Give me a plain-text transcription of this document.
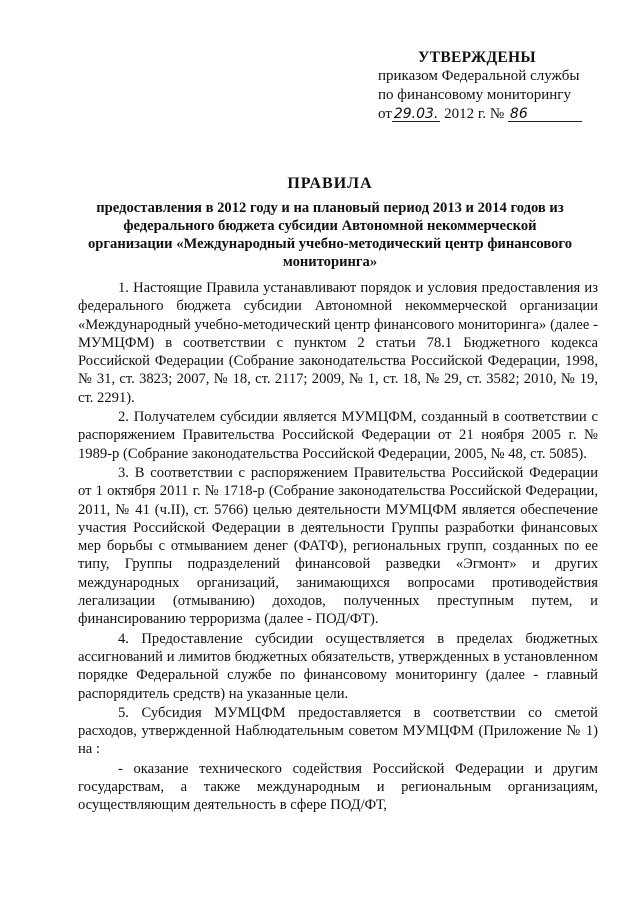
УТВЕРЖДЕНЫ
приказом Федеральной службы
по финансовому мониторингу
от 29.03. 2012 г. № 86
ПРАВИЛА
предоставления в 2012 году и на плановый период 2013 и 2014 годов из федерального бюджета субсидии Автономной некоммерческой организации «Международный учебно-методический центр финансового мониторинга»

1. Настоящие Правила устанавливают порядок и условия предоставления из федерального бюджета субсидии Автономной некоммерческой организации «Международный учебно-методический центр финансового мониторинга» (далее - МУМЦФМ) в соответствии с пунктом 2 статьи 78.1 Бюджетного кодекса Российской Федерации (Собрание законодательства Российской Федерации, 1998, № 31, ст. 3823; 2007, № 18, ст. 2117; 2009, № 1, ст. 18, № 29, ст. 3582; 2010, № 19, ст. 2291).

2. Получателем субсидии является МУМЦФМ, созданный в соответствии с распоряжением Правительства Российской Федерации от 21 ноября 2005 г. № 1989-р (Собрание законодательства Российской Федерации, 2005, № 48, ст. 5085).

3. В соответствии с распоряжением Правительства Российской Федерации от 1 октября 2011 г. № 1718-р (Собрание законодательства Российской Федерации, 2011, № 41 (ч.II), ст. 5766) целью деятельности МУМЦФМ является обеспечение участия Российской Федерации в деятельности Группы разработки финансовых мер борьбы с отмыванием денег (ФАТФ), региональных групп, созданных по ее типу, Группы подразделений финансовой разведки «Эгмонт» и других международных организаций, занимающихся вопросами противодействия легализации (отмыванию) доходов, полученных преступным путем, и финансированию терроризма (далее - ПОД/ФТ).

4. Предоставление субсидии осуществляется в пределах бюджетных ассигнований и лимитов бюджетных обязательств, утвержденных в установленном порядке Федеральной службе по финансовому мониторингу (далее - главный распорядитель средств) на указанные цели.

5. Субсидия МУМЦФМ предоставляется в соответствии со сметой расходов, утвержденной Наблюдательным советом МУМЦФМ (Приложение № 1) на :

- оказание технического содействия Российской Федерации и другим государствам, а также международным и региональным организациям, осуществляющим деятельность в сфере ПОД/ФТ,
